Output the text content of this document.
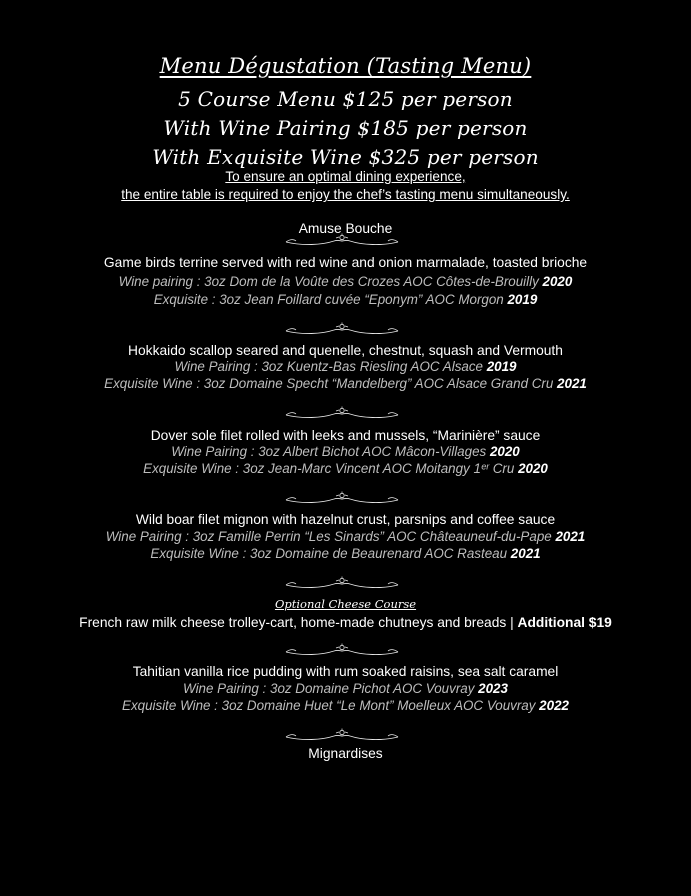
Menu Dégustation (Tasting Menu)
5 Course Menu $125 per person
With Wine Pairing $185 per person
With Exquisite Wine $325 per person
To ensure an optimal dining experience,
the entire table is required to enjoy the chef’s tasting menu simultaneously.
Amuse Bouche
Game birds terrine served with red wine and onion marmalade, toasted brioche
Wine pairing : 3oz Dom de la Voûte des Crozes AOC Côtes-de-Brouilly 2020
Exquisite : 3oz Jean Foillard cuvée “Eponym” AOC Morgon 2019
Hokkaido scallop seared and quenelle, chestnut, squash and Vermouth
Wine Pairing : 3oz Kuentz-Bas Riesling AOC Alsace 2019
Exquisite Wine : 3oz Domaine Specht “Mandelberg” AOC Alsace Grand Cru 2021
Dover sole filet rolled with leeks and mussels, “Marinière” sauce
Wine Pairing : 3oz Albert Bichot AOC Mâcon-Villages 2020
Exquisite Wine : 3oz Jean-Marc Vincent AOC Moitangy 1ᵉʳ Cru 2020
Wild boar filet mignon with hazelnut crust, parsnips and coffee sauce
Wine Pairing : 3oz Famille Perrin “Les Sinards” AOC Châteauneuf-du-Pape 2021
Exquisite Wine : 3oz Domaine de Beaurenard AOC Rasteau 2021
Optional Cheese Course
French raw milk cheese trolley-cart, home-made chutneys and breads | Additional $19
Tahitian vanilla rice pudding with rum soaked raisins, sea salt caramel
Wine Pairing : 3oz Domaine Pichot AOC Vouvray 2023
Exquisite Wine : 3oz Domaine Huet “Le Mont” Moelleux AOC Vouvray 2022
Mignardises
